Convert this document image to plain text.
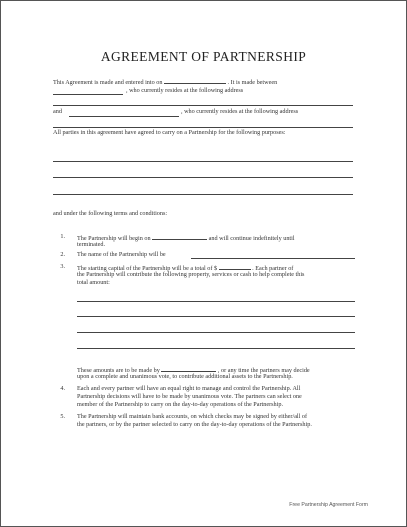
AGREEMENT OF PARTNERSHIP
This Agreement is made and entered into on	. It is made between
, who currently resides at the following address
and	, who currently resides at the following address
All parties in this agreement have agreed to carry on a Partnership for the following purposes:
and under the following terms and conditions:
1. The Partnership will begin on	and will continue indefinitely until
terminated.
2. The name of the Partnership will be
3. The starting capital of the Partnership will be a total of $	. Each partner of
the Partnership will contribute the following property, services or cash to help complete this
total amount:
These amounts are to be made by	, or any time the partners may decide
upon a complete and unanimous vote, to contribute additional assets to the Partnership.
4. Each and every partner will have an equal right to manage and control the Partnership. All
Partnership decisions will have to be made by unanimous vote. The partners can select one
member of the Partnership to carry on the day-to-day operations of the Partnership.
5. The Partnership will maintain bank accounts, on which checks may be signed by either/all of
the partners, or by the partner selected to carry on the day-to-day operations of the Partnership.
Free Partnership Agreement Form
